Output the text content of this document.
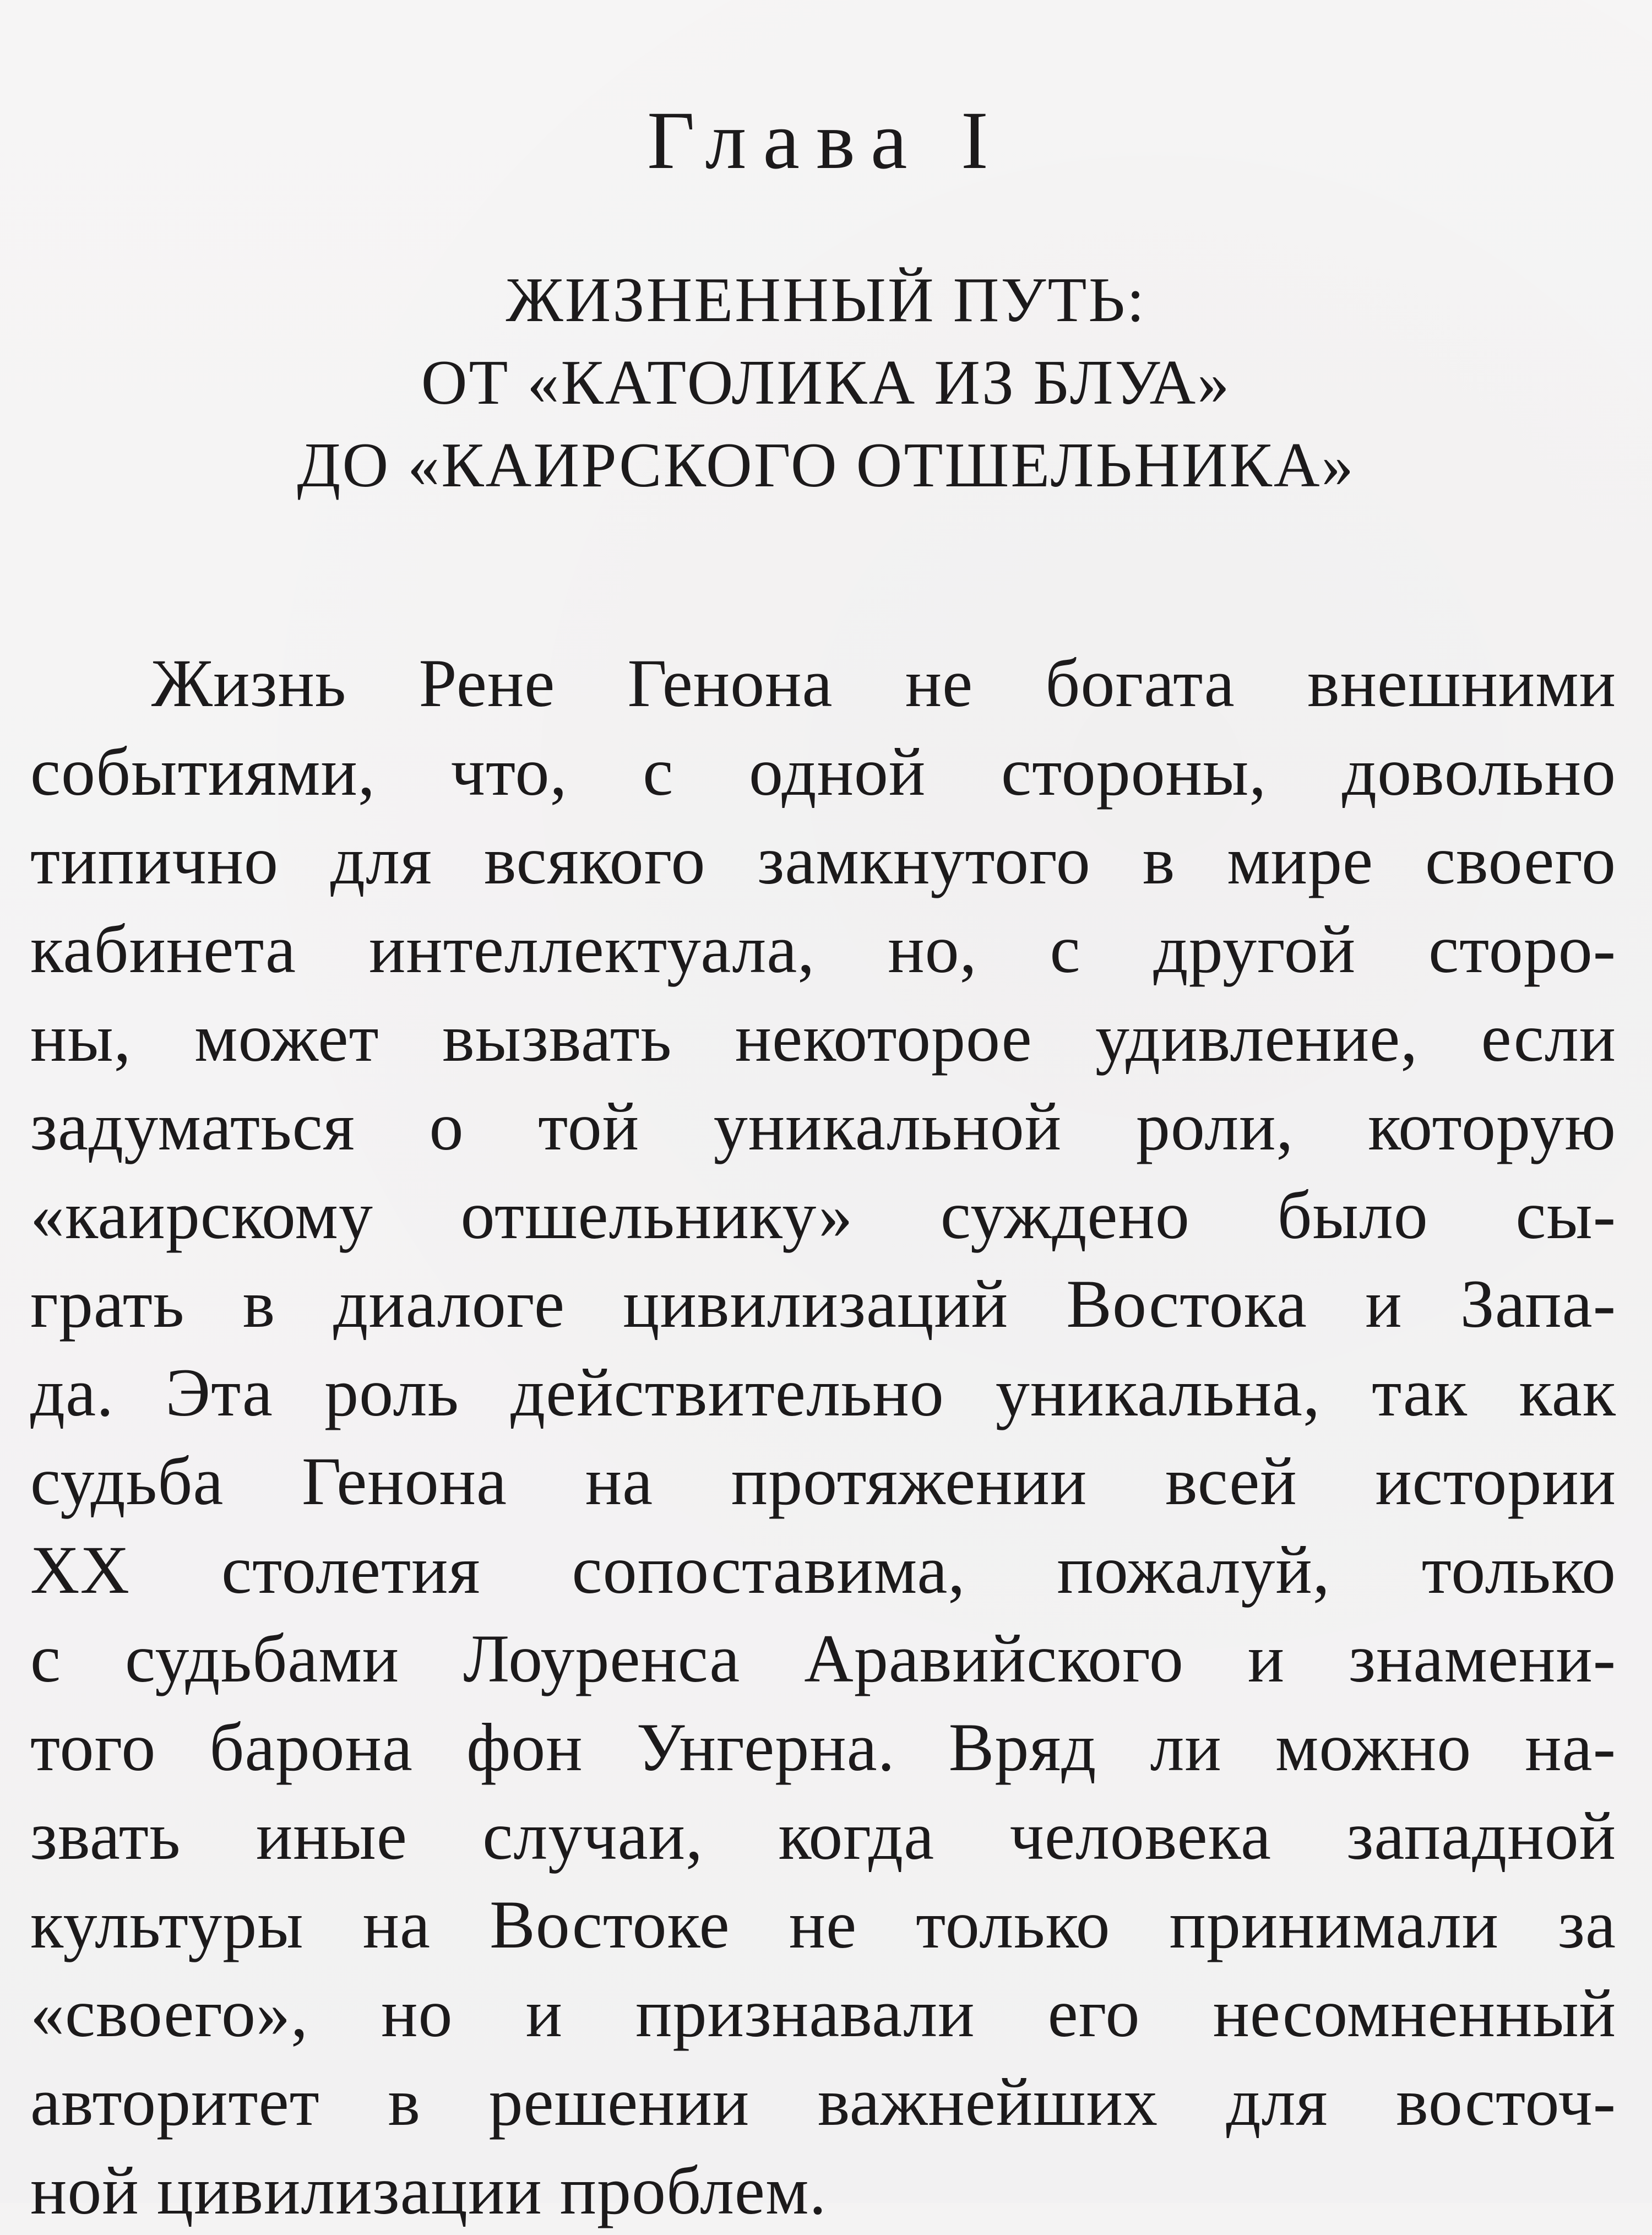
Глава I
ЖИЗНЕННЫЙ ПУТЬ:
ОТ «КАТОЛИКА ИЗ БЛУА»
ДО «КАИРСКОГО ОТШЕЛЬНИКА»
Жизнь Рене Генона не богата внешними
событиями, что, с одной стороны, довольно
типично для всякого замкнутого в мире своего
кабинета интеллектуала, но, с другой сторо-
ны, может вызвать некоторое удивление, если
задуматься о той уникальной роли, которую
«каирскому отшельнику» суждено было сы-
грать в диалоге цивилизаций Востока и Запа-
да. Эта роль действительно уникальна, так как
судьба Генона на протяжении всей истории
XX столетия сопоставима, пожалуй, только
с судьбами Лоуренса Аравийского и знамени-
того барона фон Унгерна. Вряд ли можно на-
звать иные случаи, когда человека западной
культуры на Востоке не только принимали за
«своего», но и признавали его несомненный
авторитет в решении важнейших для восточ-
ной цивилизации проблем.
